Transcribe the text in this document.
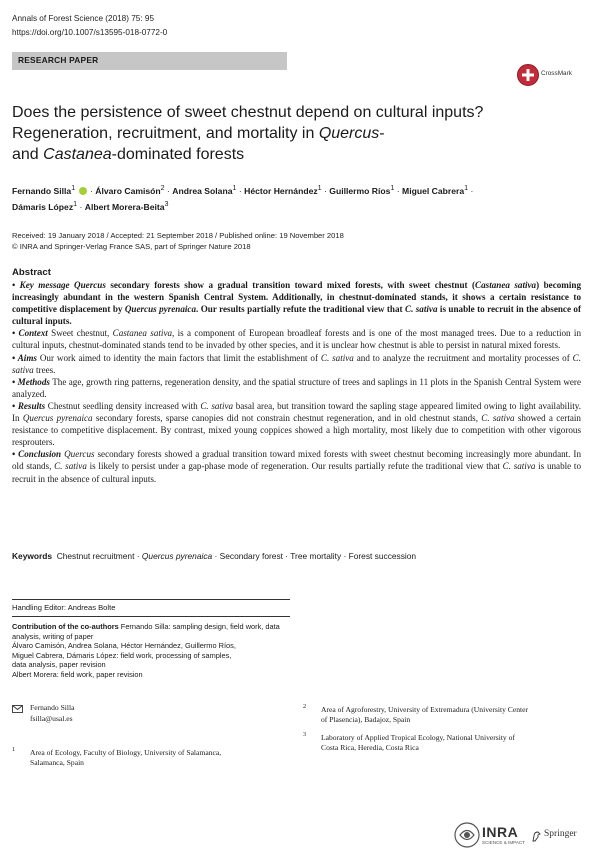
Annals of Forest Science (2018) 75: 95
https://doi.org/10.1007/s13595-018-0772-0
RESEARCH PAPER
CrossMark
Does the persistence of sweet chestnut depend on cultural inputs?
Regeneration, recruitment, and mortality in Quercus-
and Castanea-dominated forests
Fernando Silla$^1$  · Álvaro Camisón$^2$ · Andrea Solana$^1$ · Héctor Hernández$^1$ · Guillermo Ríos$^1$ · Miguel Cabrera$^1$ ·
Dámaris López$^1$ · Albert Morera-Beita$^3$
Received: 19 January 2018 / Accepted: 21 September 2018 / Published online: 19 November 2018
© INRA and Springer-Verlag France SAS, part of Springer Nature 2018
Abstract

• Key message Quercus secondary forests show a gradual transition toward mixed forests, with sweet chestnut (Castanea sativa) becoming increasingly abundant in the western Spanish Central System. Additionally, in chestnut-dominated stands, it shows a certain resistance to competitive displacement by Quercus pyrenaica. Our results partially refute the traditional view that C. sativa is unable to recruit in the absence of cultural inputs.

• Context Sweet chestnut, Castanea sativa, is a component of European broadleaf forests and is one of the most managed trees. Due to a reduction in cultural inputs, chestnut-dominated stands tend to be invaded by other species, and it is unclear how chestnut is able to persist in natural mixed forests.

• Aims Our work aimed to identity the main factors that limit the establishment of C. sativa and to analyze the recruitment and mortality processes of C. sativa trees.

• Methods The age, growth ring patterns, regeneration density, and the spatial structure of trees and saplings in 11 plots in the Spanish Central System were analyzed.

• Results Chestnut seedling density increased with C. sativa basal area, but transition toward the sapling stage appeared limited owing to light availability. In Quercus pyrenaica secondary forests, sparse canopies did not constrain chestnut regeneration, and in old chestnut stands, C. sativa showed a certain resistance to competitive displacement. By contrast, mixed young coppices showed a high mortality, most likely due to competition with other vigorous resprouters.

• Conclusion Quercus secondary forests showed a gradual transition toward mixed forests with sweet chestnut becoming increasingly more abundant. In old stands, C. sativa is likely to persist under a gap-phase mode of regeneration. Our results partially refute the traditional view that C. sativa is unable to recruit in the absence of cultural inputs.

Keywords Chestnut recruitment · Quercus pyrenaica · Secondary forest · Tree mortality · Forest succession
Handling Editor: Andreas Bolte
Contribution of the co-authors Fernando Silla: sampling design, field work, data analysis, writing of paper
Álvaro Camisón, Andrea Solana, Héctor Hernández, Guillermo Ríos,
Miguel Cabrera, Dámaris López: field work, processing of samples,
data analysis, paper revision
Albert Morera: field work, paper revision
Fernando Silla
fsilla@usal.es
1 Area of Ecology, Faculty of Biology, University of Salamanca,
Salamanca, Spain
2 Area of Agroforestry, University of Extremadura (University Center
of Plasencia), Badajoz, Spain
3 Laboratory of Applied Tropical Ecology, National University of
Costa Rica, Heredia, Costa Rica
INRA
SCIENCE & IMPACT
Springer
